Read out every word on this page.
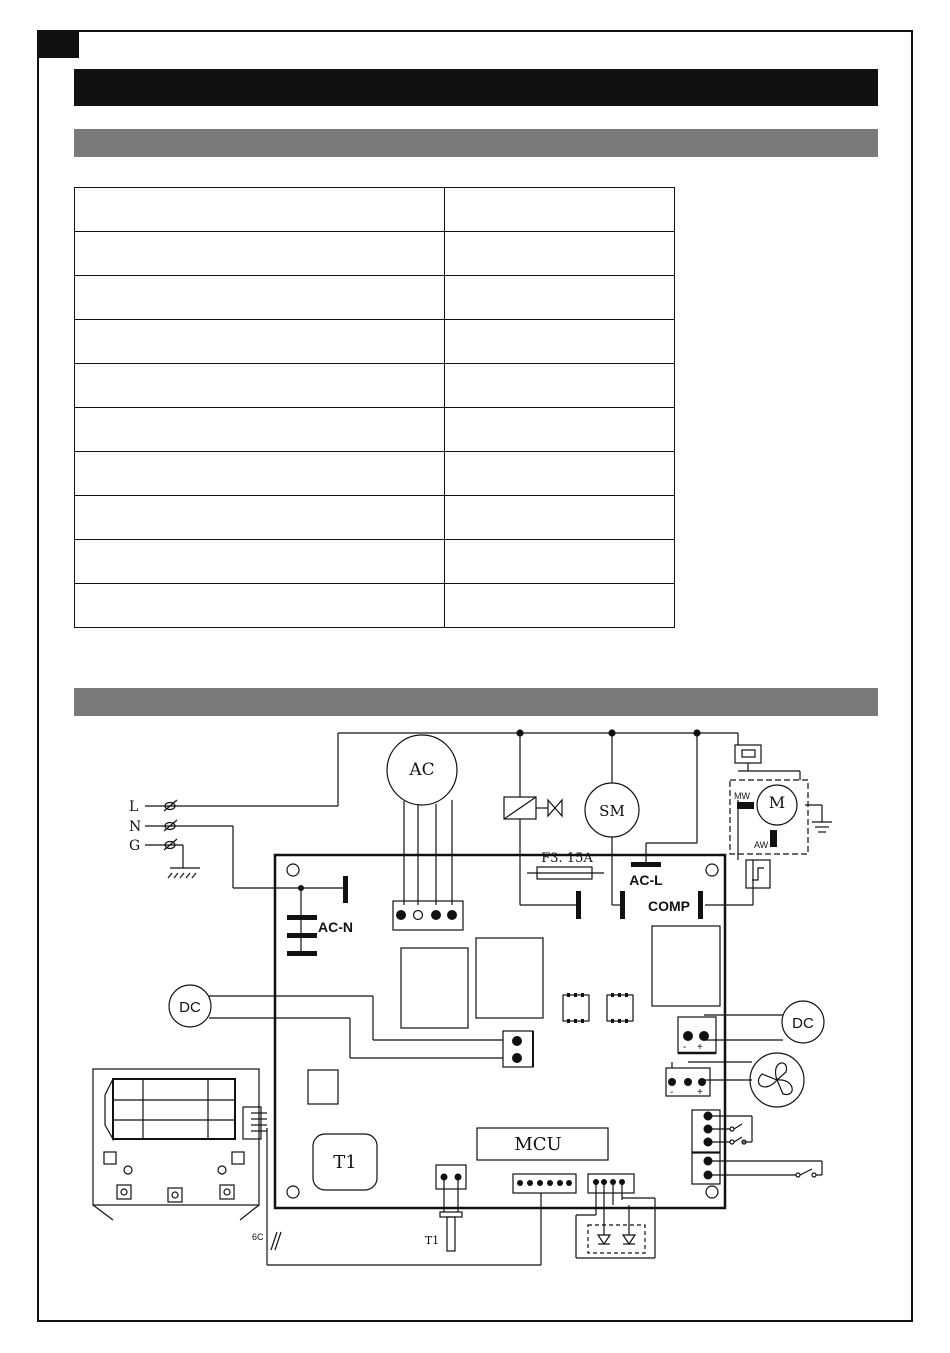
AC
SM
F3. 15A
AC-L
AC-N
COMP
MW
AW
M
DC
DC
MCU
T1
T1
6C
L
N
G
- +
- +
